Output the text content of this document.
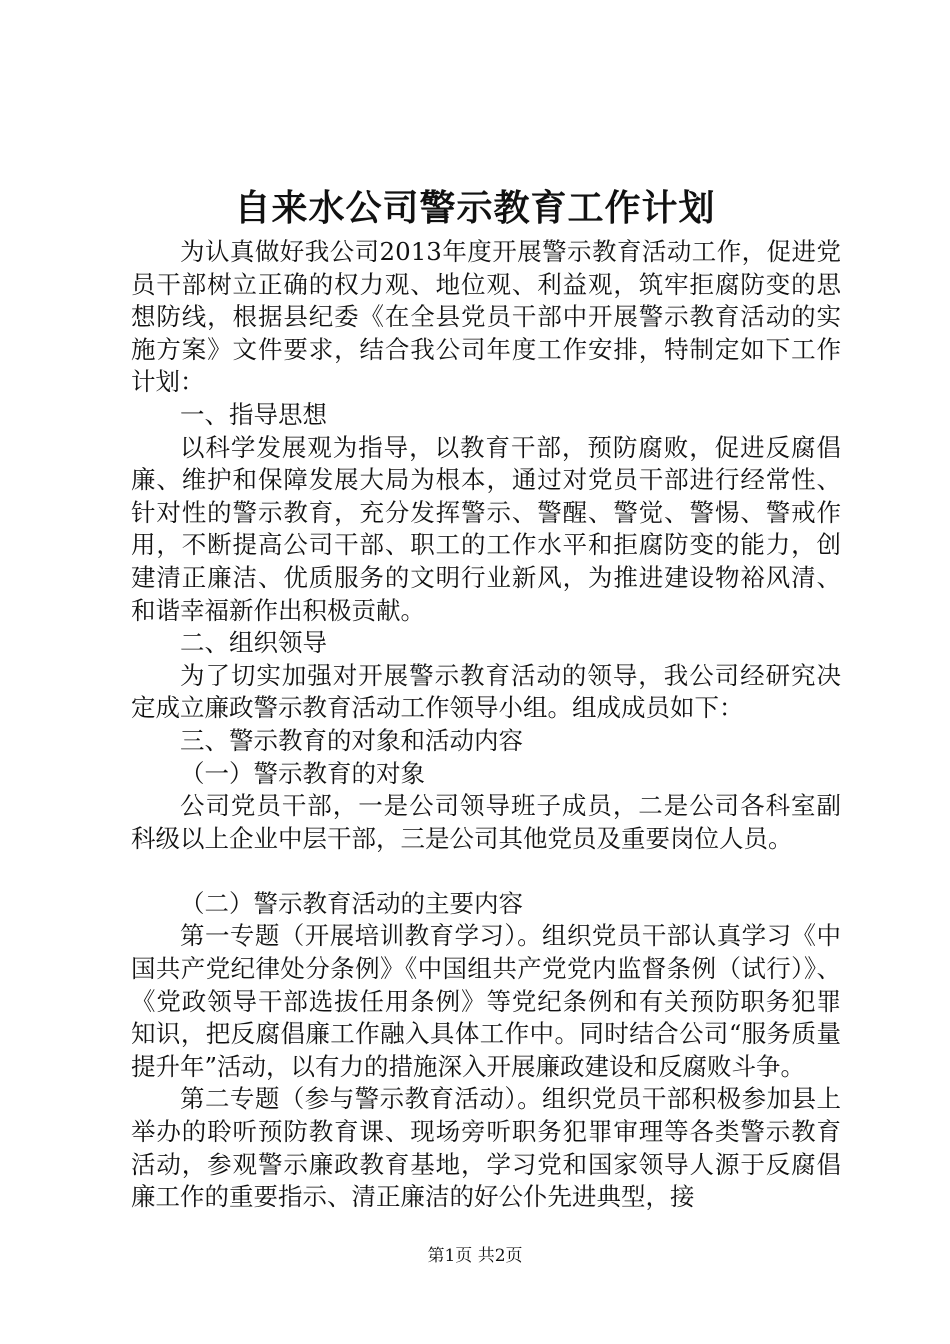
自来水公司警示教育工作计划

为认真做好我公司2013年度开展警示教育活动工作，促进党员干部树立正确的权力观、地位观、利益观，筑牢拒腐防变的思想防线，根据县纪委《在全县党员干部中开展警示教育活动的实施方案》文件要求，结合我公司年度工作安排，特制定如下工作计划：

一、指导思想

以科学发展观为指导，以教育干部，预防腐败，促进反腐倡廉、维护和保障发展大局为根本，通过对党员干部进行经常性、针对性的警示教育，充分发挥警示、警醒、警觉、警惕、警戒作用，不断提高公司干部、职工的工作水平和拒腐防变的能力，创建清正廉洁、优质服务的文明行业新风，为推进建设物裕风清、和谐幸福新作出积极贡献。

二、组织领导

为了切实加强对开展警示教育活动的领导，我公司经研究决定成立廉政警示教育活动工作领导小组。组成成员如下：

三、警示教育的对象和活动内容

（一）警示教育的对象

公司党员干部，一是公司领导班子成员，二是公司各科室副科级以上企业中层干部，三是公司其他党员及重要岗位人员。

（二）警示教育活动的主要内容

第一专题（开展培训教育学习）。组织党员干部认真学习《中国共产党纪律处分条例》《中国组共产党党内监督条例（试行）》、《党政领导干部选拔任用条例》等党纪条例和有关预防职务犯罪知识，把反腐倡廉工作融入具体工作中。同时结合公司“服务质量提升年”活动，以有力的措施深入开展廉政建设和反腐败斗争。

第二专题（参与警示教育活动）。组织党员干部积极参加县上举办的聆听预防教育课、现场旁听职务犯罪审理等各类警示教育活动，参观警示廉政教育基地，学习党和国家领导人源于反腐倡廉工作的重要指示、清正廉洁的好公仆先进典型，接

第1页 共2页
